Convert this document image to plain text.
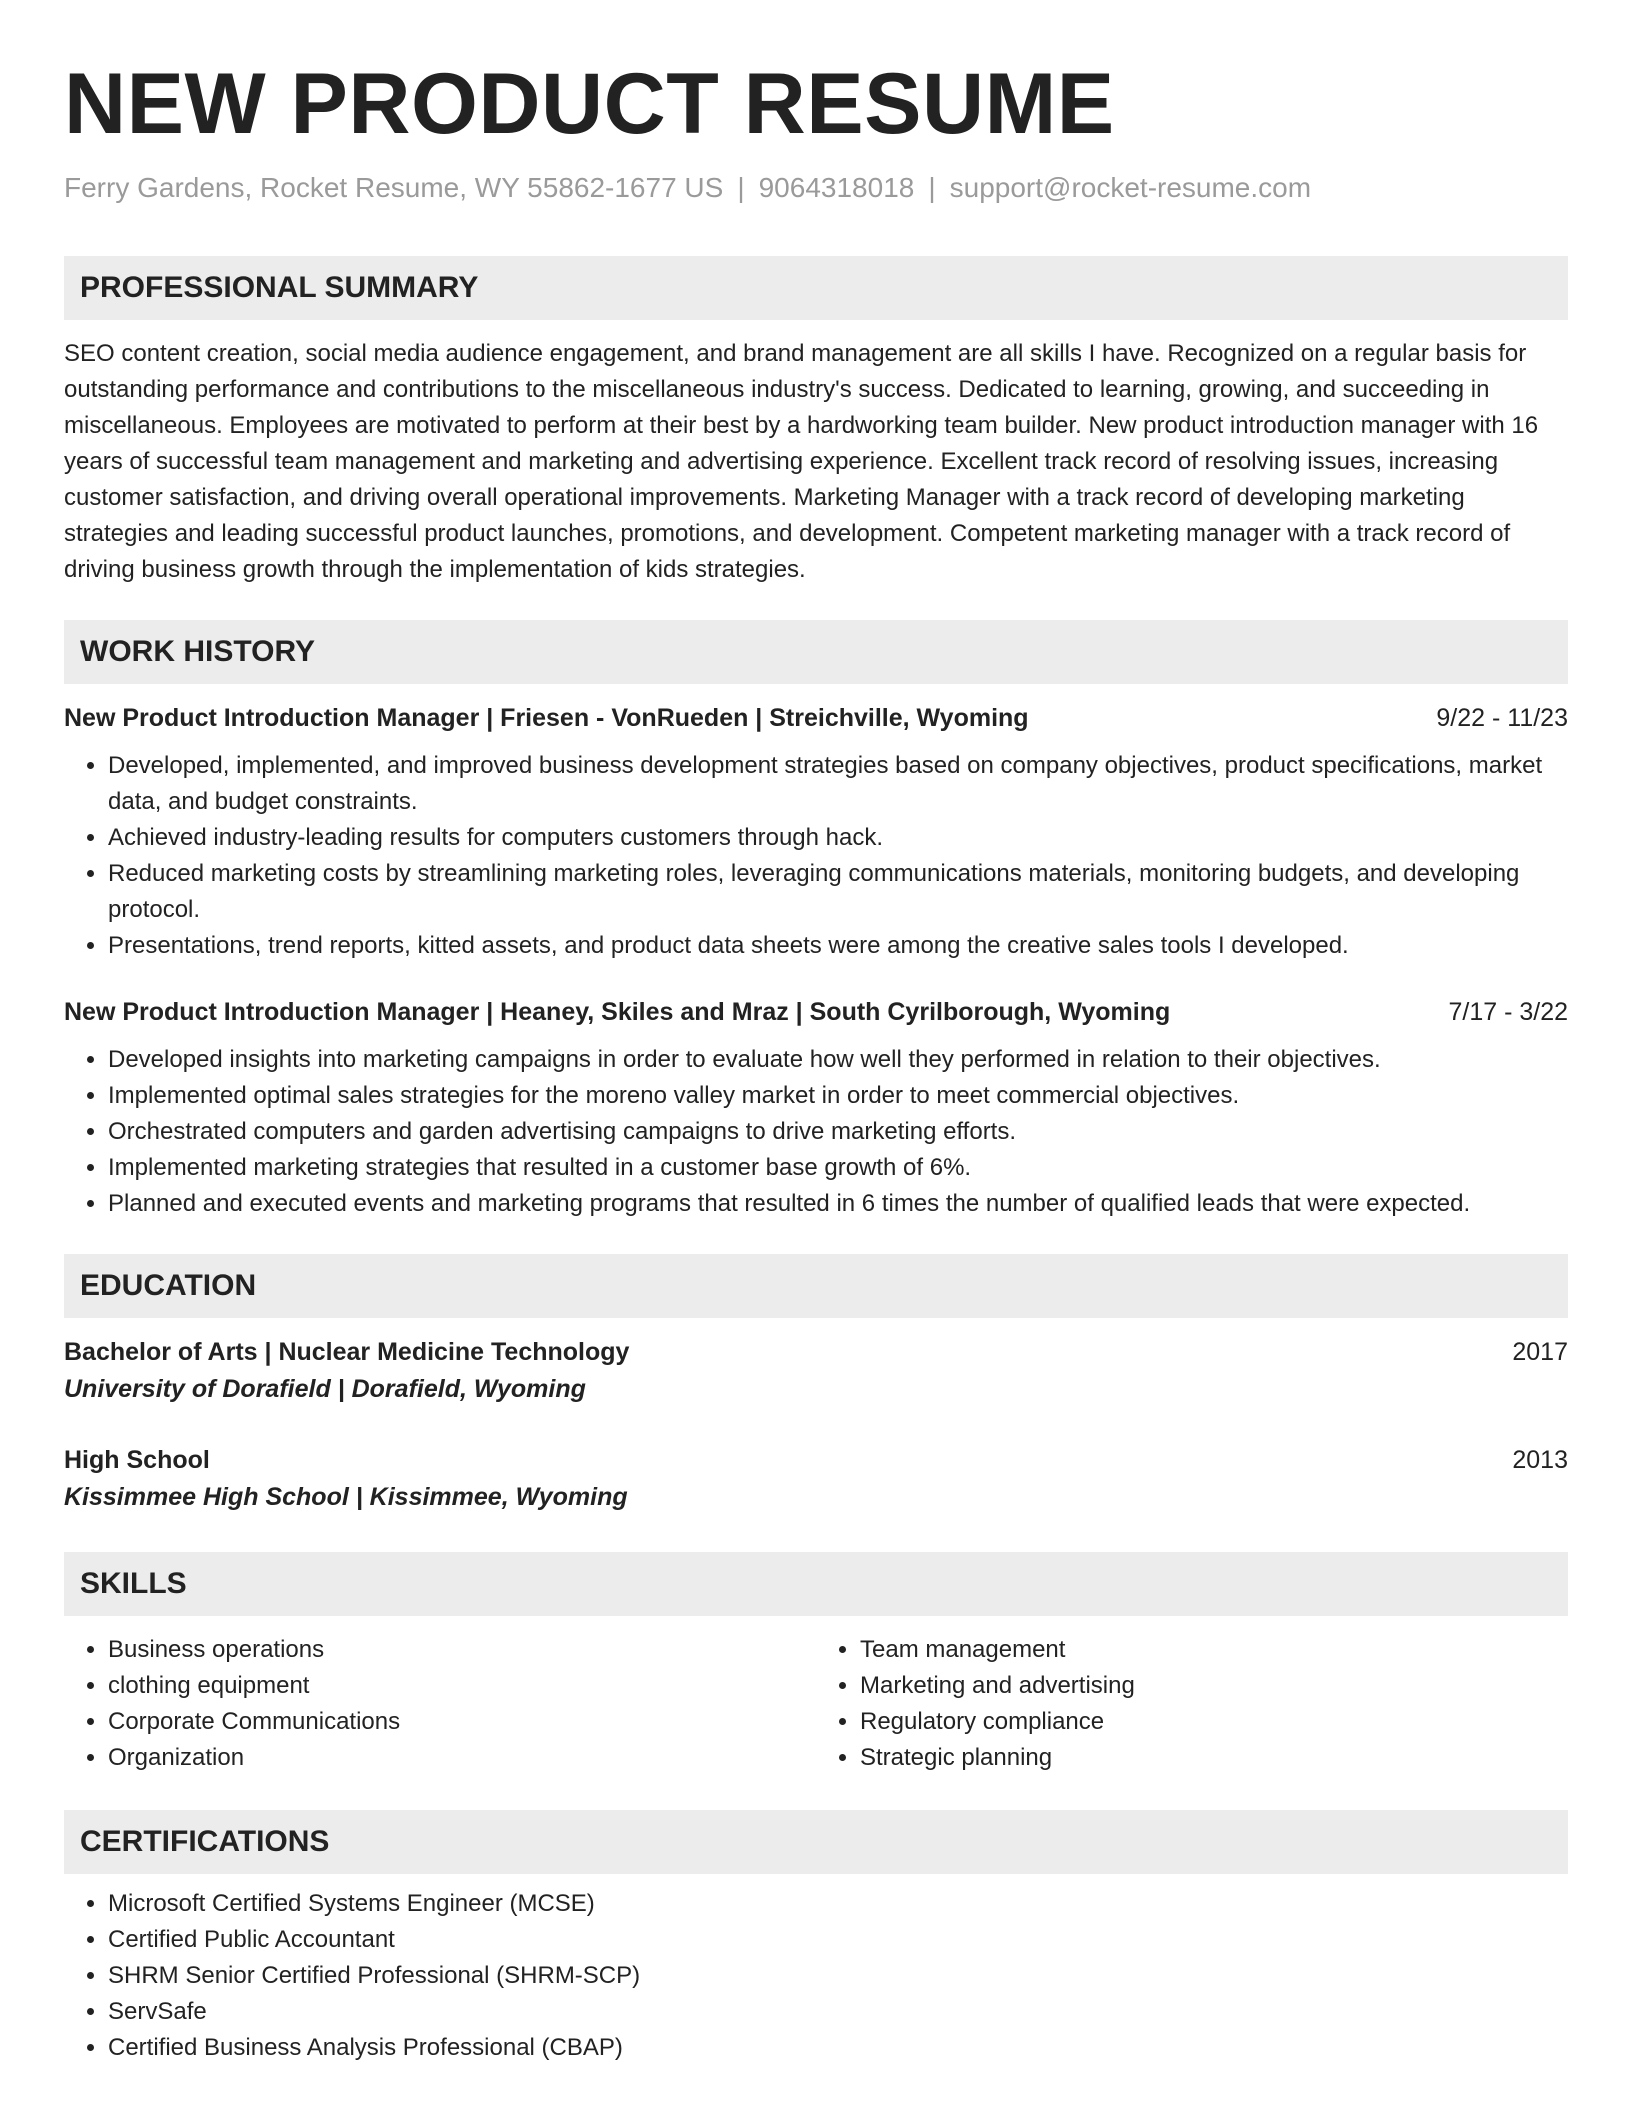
NEW PRODUCT RESUME
Ferry Gardens, Rocket Resume, WY 55862-1677 US | 9064318018 | support@rocket-resume.com
PROFESSIONAL SUMMARY
SEO content creation, social media audience engagement, and brand management are all skills I have. Recognized on a regular basis for outstanding performance and contributions to the miscellaneous industry's success. Dedicated to learning, growing, and succeeding in miscellaneous. Employees are motivated to perform at their best by a hardworking team builder. New product introduction manager with 16 years of successful team management and marketing and advertising experience. Excellent track record of resolving issues, increasing customer satisfaction, and driving overall operational improvements. Marketing Manager with a track record of developing marketing strategies and leading successful product launches, promotions, and development. Competent marketing manager with a track record of driving business growth through the implementation of kids strategies.
WORK HISTORY
New Product Introduction Manager | Friesen - VonRueden | Streichville, Wyoming	9/22 - 11/23
• Developed, implemented, and improved business development strategies based on company objectives, product specifications, market data, and budget constraints.
• Achieved industry-leading results for computers customers through hack.
• Reduced marketing costs by streamlining marketing roles, leveraging communications materials, monitoring budgets, and developing protocol.
• Presentations, trend reports, kitted assets, and product data sheets were among the creative sales tools I developed.
New Product Introduction Manager | Heaney, Skiles and Mraz | South Cyrilborough, Wyoming	7/17 - 3/22
• Developed insights into marketing campaigns in order to evaluate how well they performed in relation to their objectives.
• Implemented optimal sales strategies for the moreno valley market in order to meet commercial objectives.
• Orchestrated computers and garden advertising campaigns to drive marketing efforts.
• Implemented marketing strategies that resulted in a customer base growth of 6%.
• Planned and executed events and marketing programs that resulted in 6 times the number of qualified leads that were expected.
EDUCATION
Bachelor of Arts | Nuclear Medicine Technology	2017
University of Dorafield | Dorafield, Wyoming
High School	2013
Kissimmee High School | Kissimmee, Wyoming
SKILLS
• Business operations
• clothing equipment
• Corporate Communications
• Organization
• Team management
• Marketing and advertising
• Regulatory compliance
• Strategic planning
CERTIFICATIONS
• Microsoft Certified Systems Engineer (MCSE)
• Certified Public Accountant
• SHRM Senior Certified Professional (SHRM-SCP)
• ServSafe
• Certified Business Analysis Professional (CBAP)
